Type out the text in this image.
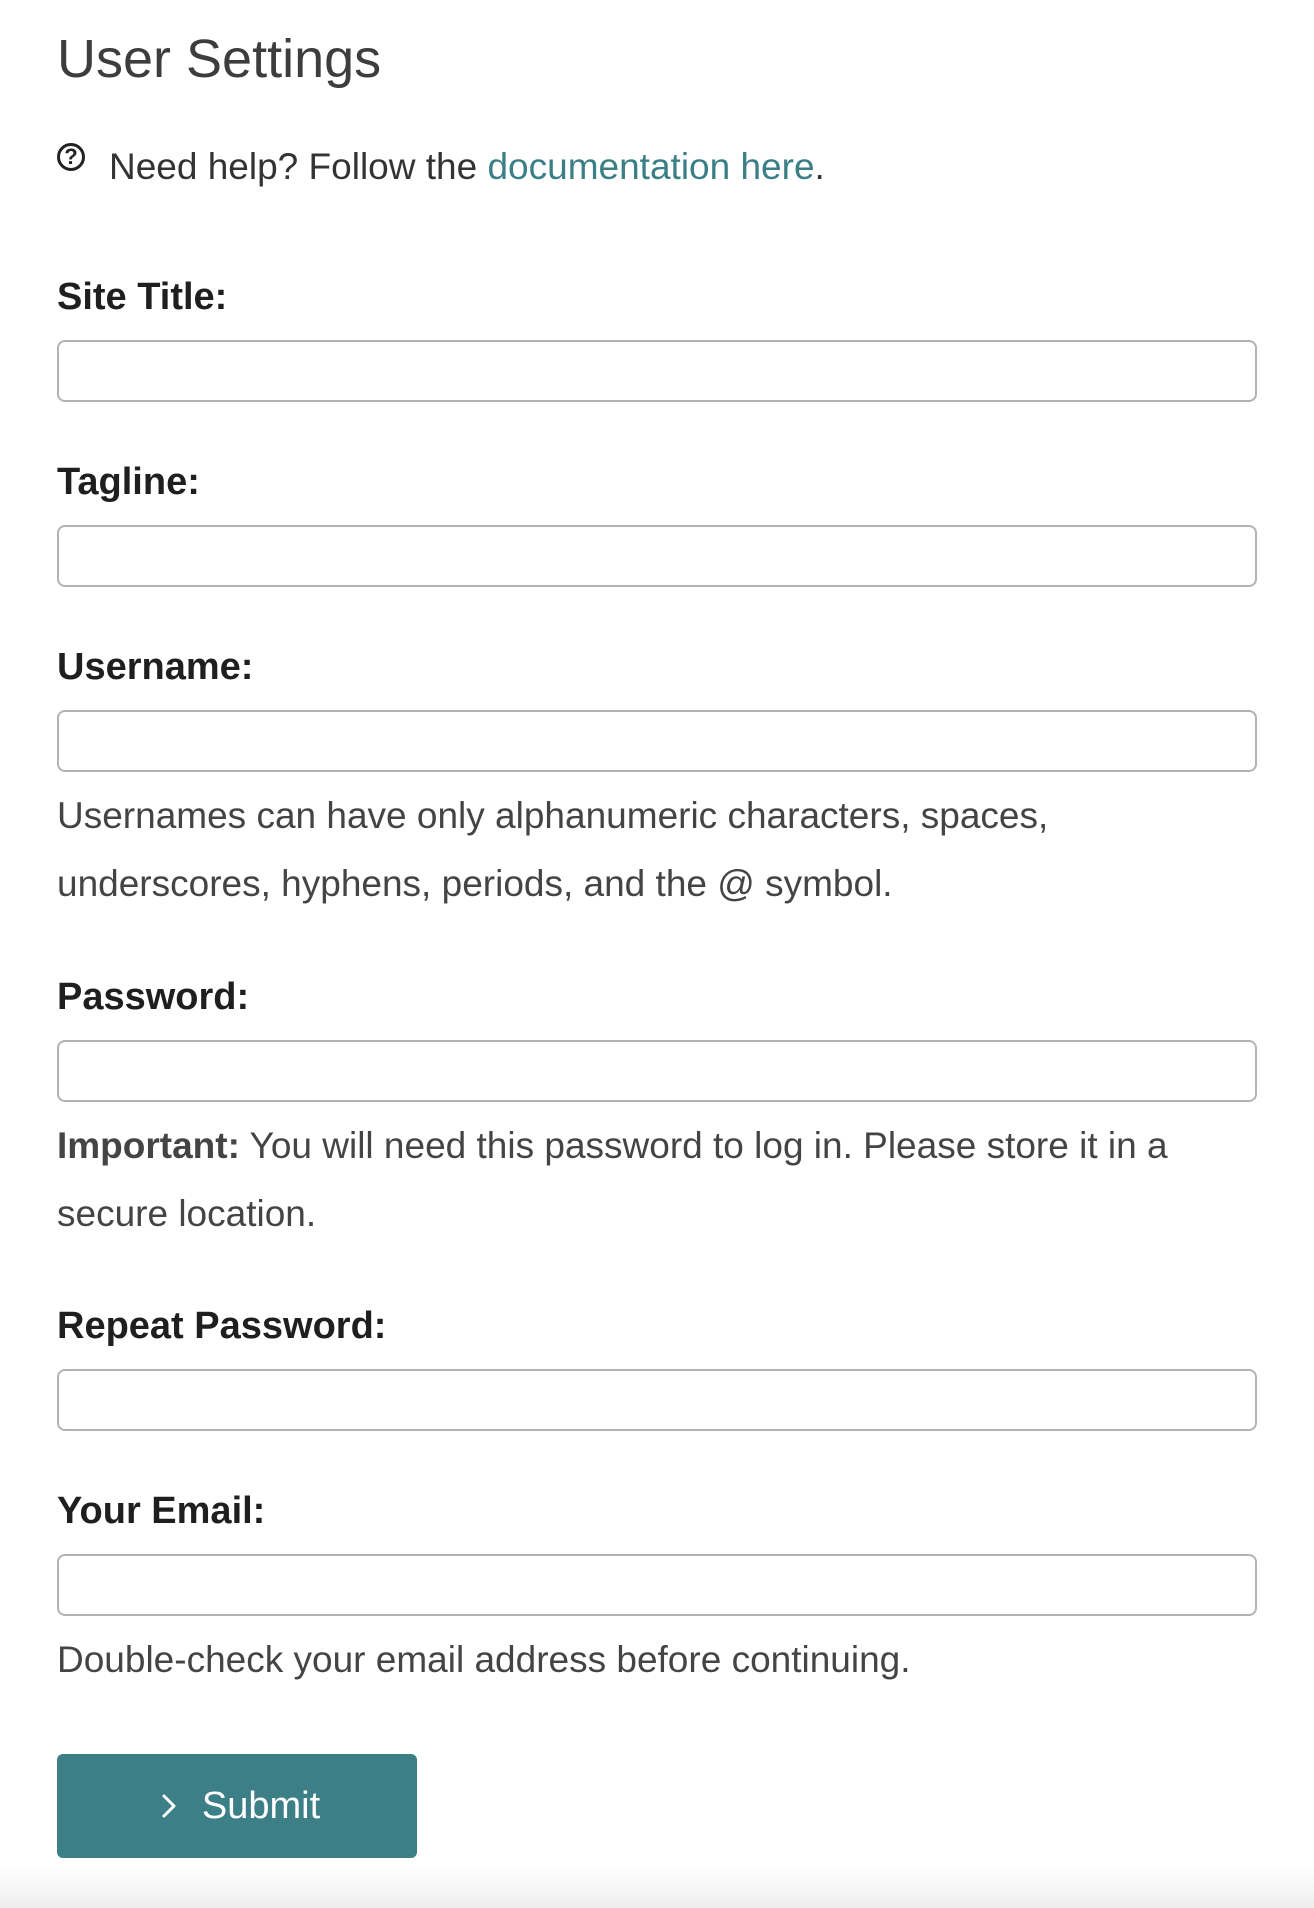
User Settings
? Need help? Follow the documentation here .
Site Title:
Tagline:
Username:

Usernames can have only alphanumeric characters, spaces, underscores, hyphens, periods, and the @ symbol.

Password:

Important: You will need this password to log in. Please store it in a secure location.

Repeat Password:
Your Email:

Double-check your email address before continuing.

Submit
